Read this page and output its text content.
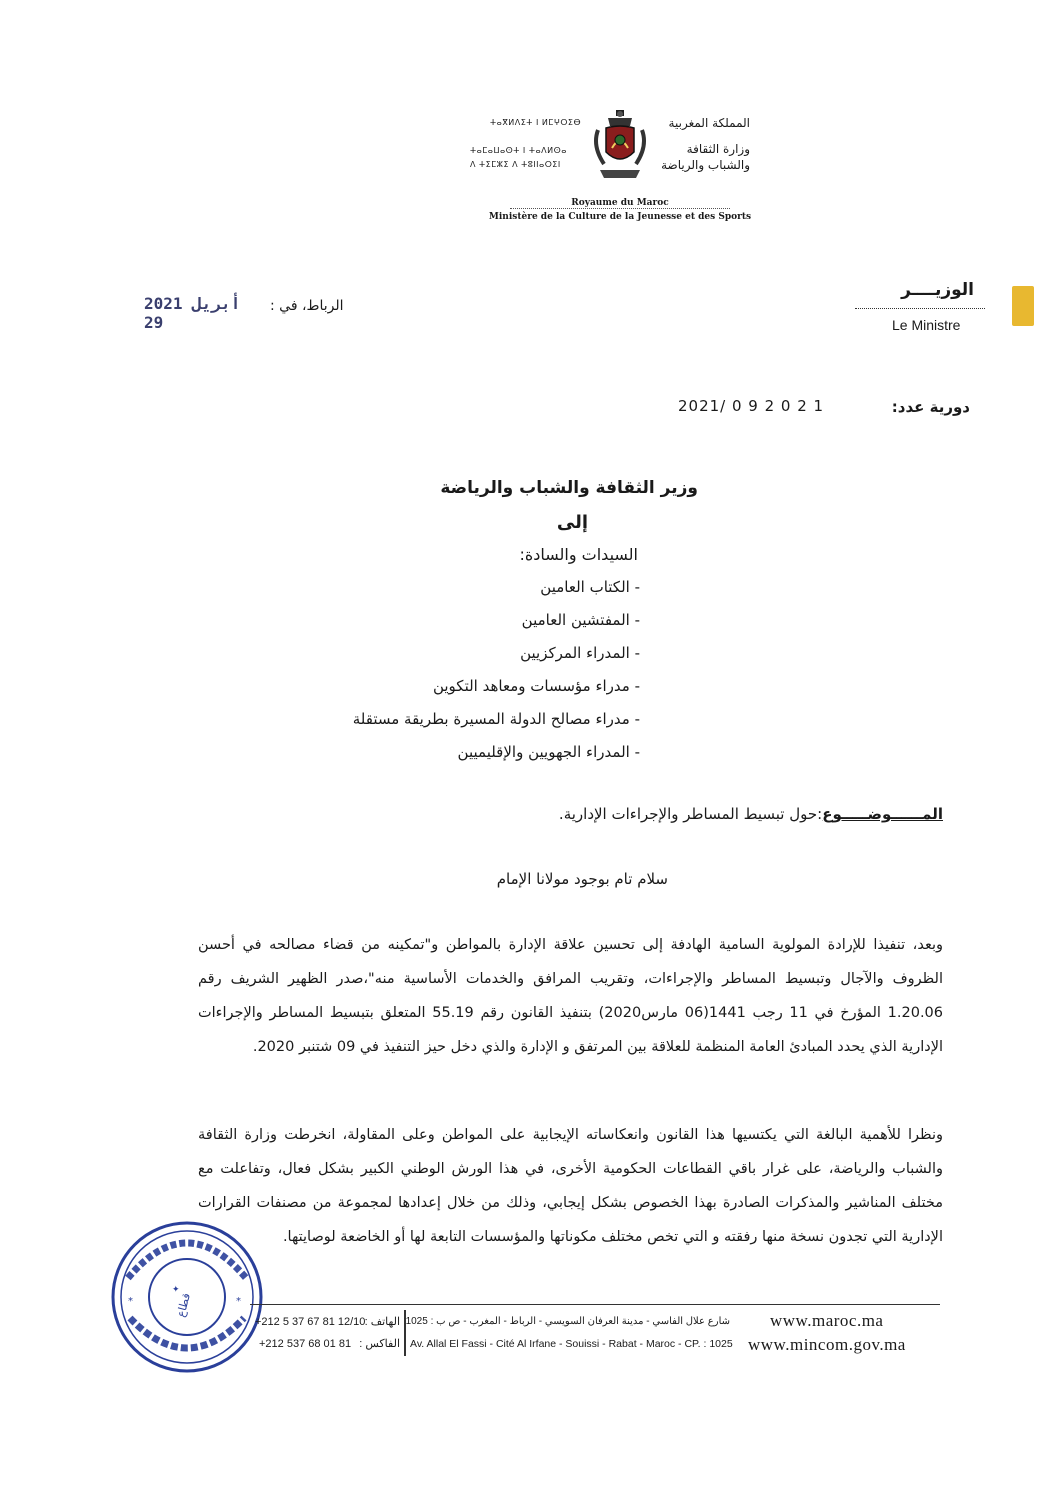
المملكة المغربية
وزارة الثقافة
والشباب والرياضة
ⵜⴰⴳⵍⴷⵉⵜ ⵏ ⵍⵎⵖⵔⵉⴱ
ⵜⴰⵎⴰⵡⴰⵙⵜ ⵏ ⵜⴰⴷⵍⵙⴰ
ⴷ ⵜⵉⵎⵣⵉ ⴷ ⵜⵓⵏⵏⴰⵔⵉⵏ
Royaume du Maroc
Ministère de la Culture de la Jeunesse et des Sports
الوزيــــر
Le Ministre
الرباط، في :
2021 أبريل 29
دورية عدد:
2021/ 0 9 2 0 2 1
وزير الثقافة والشباب والرياضة
إلى
السيدات والسادة:
- الكتاب العامين
- المفتشين العامين
- المدراء المركزيين
- مدراء مؤسسات ومعاهد التكوين
- مدراء مصالح الدولة المسيرة بطريقة مستقلة
- المدراء الجهويين والإقليميين
المــــــوضـــــوع:حول تبسيط المساطر والإجراءات الإدارية.
سلام تام بوجود مولانا الإمام
وبعد، تنفيذا للإرادة المولوية السامية الهادفة إلى تحسين علاقة الإدارة بالمواطن و"تمكينه من قضاء مصالحه في أحسن الظروف والآجال وتبسيط المساطر والإجراءات، وتقريب المرافق والخدمات الأساسية منه"،صدر الظهير الشريف رقم 1.20.06 المؤرخ في 11 رجب 1441(06 مارس2020) بتنفيذ القانون رقم 55.19 المتعلق بتبسيط المساطر والإجراءات الإدارية الذي يحدد المبادئ العامة المنظمة للعلاقة بين المرتفق و الإدارة والذي دخل حيز التنفيذ في 09 شتنبر 2020.
ونظرا للأهمية البالغة التي يكتسيها هذا القانون وانعكاساته الإيجابية على المواطن وعلى المقاولة، انخرطت وزارة الثقافة والشباب والرياضة، على غرار باقي القطاعات الحكومية الأخرى، في هذا الورش الوطني الكبير بشكل فعال، وتفاعلت مع مختلف المناشير والمذكرات الصادرة بهذا الخصوص بشكل إيجابي، وذلك من خلال إعدادها لمجموعة من مصنفات القرارات الإدارية التي تجدون نسخة منها رفقته و التي تخص مختلف مكوناتها والمؤسسات التابعة لها أو الخاضعة لوصايتها.
✦
قطاع
*	*
+212 5 37 67 81 12/10
+212 537 68 01 81
الهاتف :
الفاكس :
شارع علال الفاسي - مدينة العرفان السويسي - الرباط - المغرب - ص ب : 1025
Av. Allal El Fassi - Cité Al Irfane - Souissi - Rabat - Maroc - CP. : 1025
www.maroc.ma
www.mincom.gov.ma
